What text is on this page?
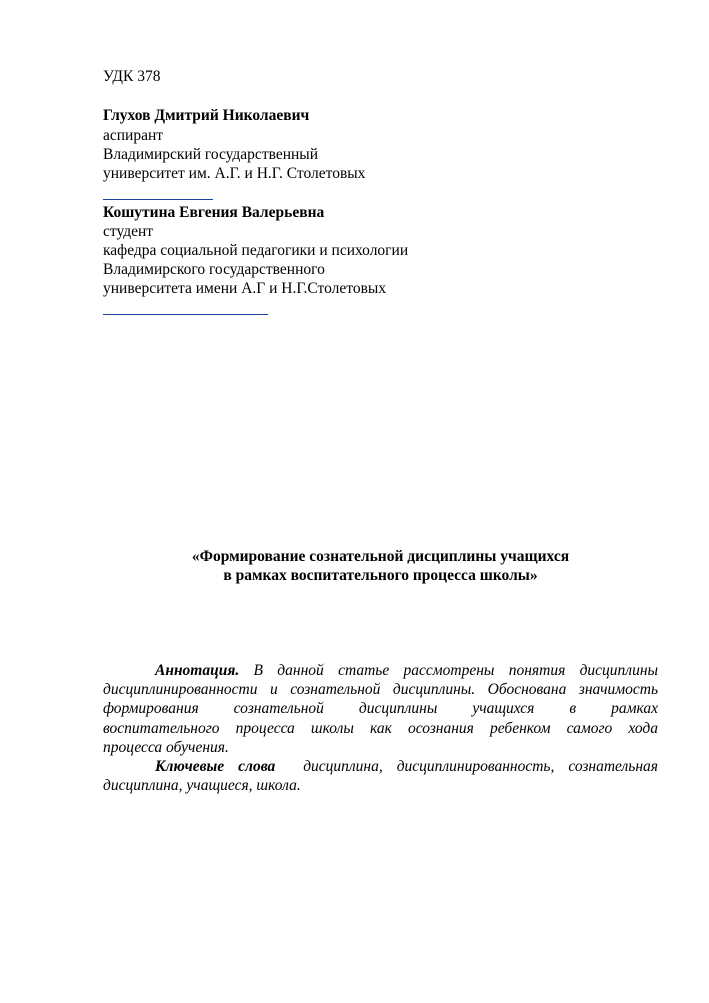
УДК 378
Глухов Дмитрий Николаевич
аспирант
Владимирский государственный
университет им. А.Г. и Н.Г. Столетовых
Кошутина Евгения Валерьевна
студент
кафедра социальной педагогики и психологии
Владимирского государственного
университета имени А.Г и Н.Г.Столетовых
«Формирование сознательной дисциплины учащихся
в рамках воспитательного процесса школы»
Аннотация. В данной статье рассмотрены понятия дисциплины
дисциплинированности и сознательной дисциплины. Обоснована значимость
формирования сознательной дисциплины учащихся в рамках
воспитательного процесса школы как осознания ребенком самого хода
процесса обучения.
Ключевые слова дисциплина, дисциплинированность, сознательная
дисциплина, учащиеся, школа.
